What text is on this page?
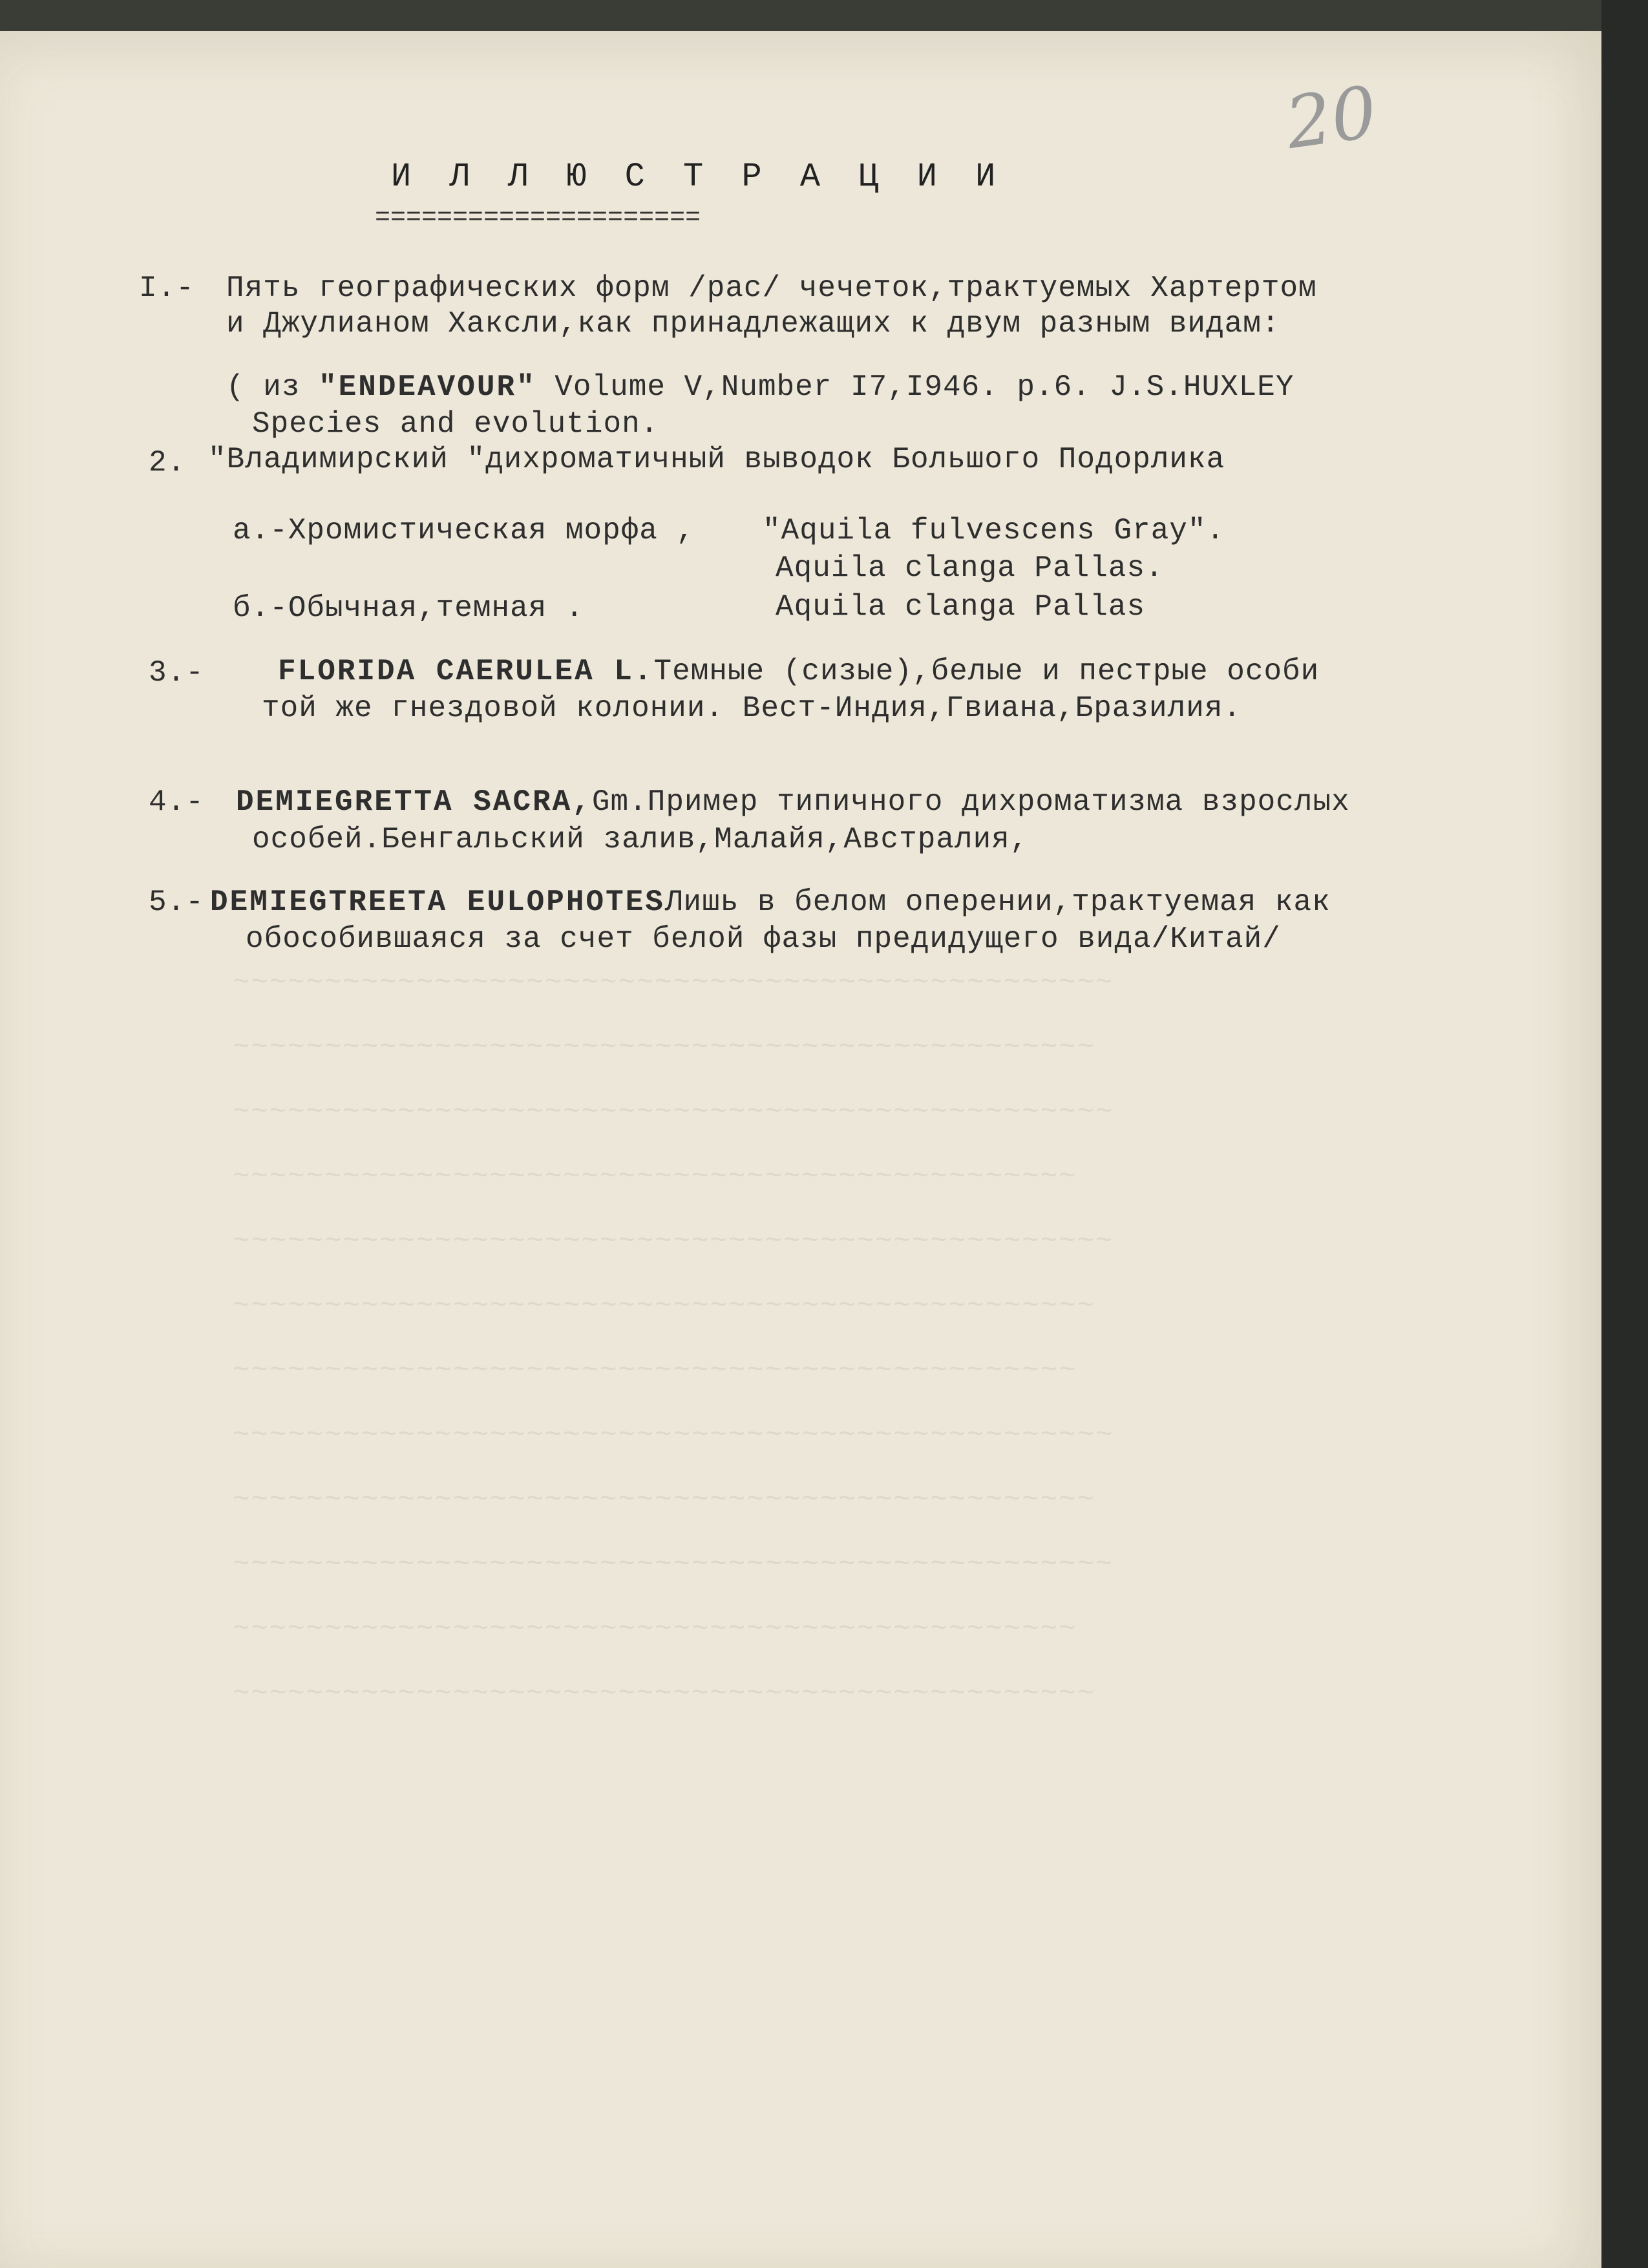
~~~~~~~~~~~~~~~~~~~~~~~~~~~~~~~~~~~~~~~~~~~~~~~~
~~~~~~~~~~~~~~~~~~~~~~~~~~~~~~~~~~~~~~~~~~~~~~~
~~~~~~~~~~~~~~~~~~~~~~~~~~~~~~~~~~~~~~~~~~~~~~~~
~~~~~~~~~~~~~~~~~~~~~~~~~~~~~~~~~~~~~~~~~~~~~~
~~~~~~~~~~~~~~~~~~~~~~~~~~~~~~~~~~~~~~~~~~~~~~~~
~~~~~~~~~~~~~~~~~~~~~~~~~~~~~~~~~~~~~~~~~~~~~~~
~~~~~~~~~~~~~~~~~~~~~~~~~~~~~~~~~~~~~~~~~~~~~~
~~~~~~~~~~~~~~~~~~~~~~~~~~~~~~~~~~~~~~~~~~~~~~~~
~~~~~~~~~~~~~~~~~~~~~~~~~~~~~~~~~~~~~~~~~~~~~~~
~~~~~~~~~~~~~~~~~~~~~~~~~~~~~~~~~~~~~~~~~~~~~~~~
~~~~~~~~~~~~~~~~~~~~~~~~~~~~~~~~~~~~~~~~~~~~~~
~~~~~~~~~~~~~~~~~~~~~~~~~~~~~~~~~~~~~~~~~~~~~~~
20
И Л Л Ю С Т Р А Ц И И
=====================
I.- Пять географических форм /рас/ чечеток,трактуемых Хартертом
и Джулианом Хаксли,как принадлежащих к двум разным видам:
( из "ENDEAVOUR" Volume V,Number I7,I946. p.6. J.S.HUXLEY
Species and evolution.
2. "Владимирский "дихроматичный выводок Большого Подорлика
а.-Хромистическая морфа , "Aquila fulvescens Gray".
Aquila clanga Pallas.
б.-Обычная,темная .	Aquila clanga Pallas
3.- FLORIDA CAERULEA L.Темные (сизые),белые и пестрые особи
той же гнездовой колонии. Вест-Индия,Гвиана,Бразилия.
4.- DEMIEGRETTA SACRA,Gm.Пример типичного дихроматизма взрослых
особей.Бенгальский залив,Малайя,Австралия,
5.- DEMIEGTREETA EULOPHOTESЛишь в белом оперении,трактуемая как
обособившаяся за счет белой фазы предидущего вида/Китай/
